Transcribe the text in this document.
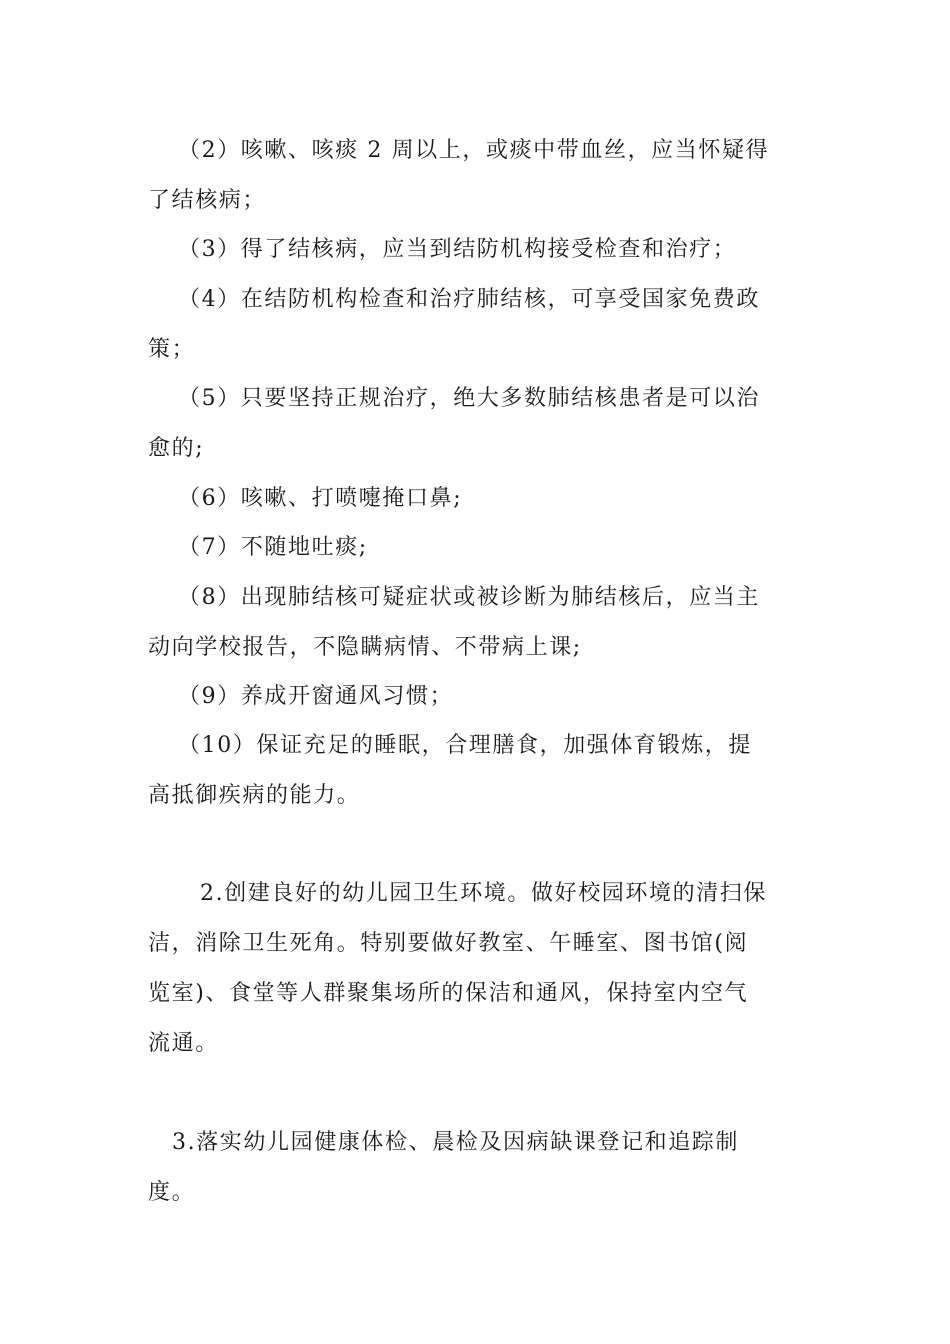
（2）咳嗽、咳痰 2 周以上，或痰中带血丝，应当怀疑得
了结核病；
（3）得了结核病，应当到结防机构接受检查和治疗；
（4）在结防机构检查和治疗肺结核，可享受国家免费政
策；
（5）只要坚持正规治疗，绝大多数肺结核患者是可以治
愈的;
（6）咳嗽、打喷嚏掩口鼻;
（7）不随地吐痰;
（8）出现肺结核可疑症状或被诊断为肺结核后，应当主
动向学校报告，不隐瞒病情、不带病上课;
（9）养成开窗通风习惯；
（10）保证充足的睡眠，合理膳食，加强体育锻炼，提
高抵御疾病的能力。
2.创建良好的幼儿园卫生环境。做好校园环境的清扫保
洁，消除卫生死角。特别要做好教室、午睡室、图书馆(阅
览室)、食堂等人群聚集场所的保洁和通风，保持室内空气
流通。
3.落实幼儿园健康体检、晨检及因病缺课登记和追踪制
度。
